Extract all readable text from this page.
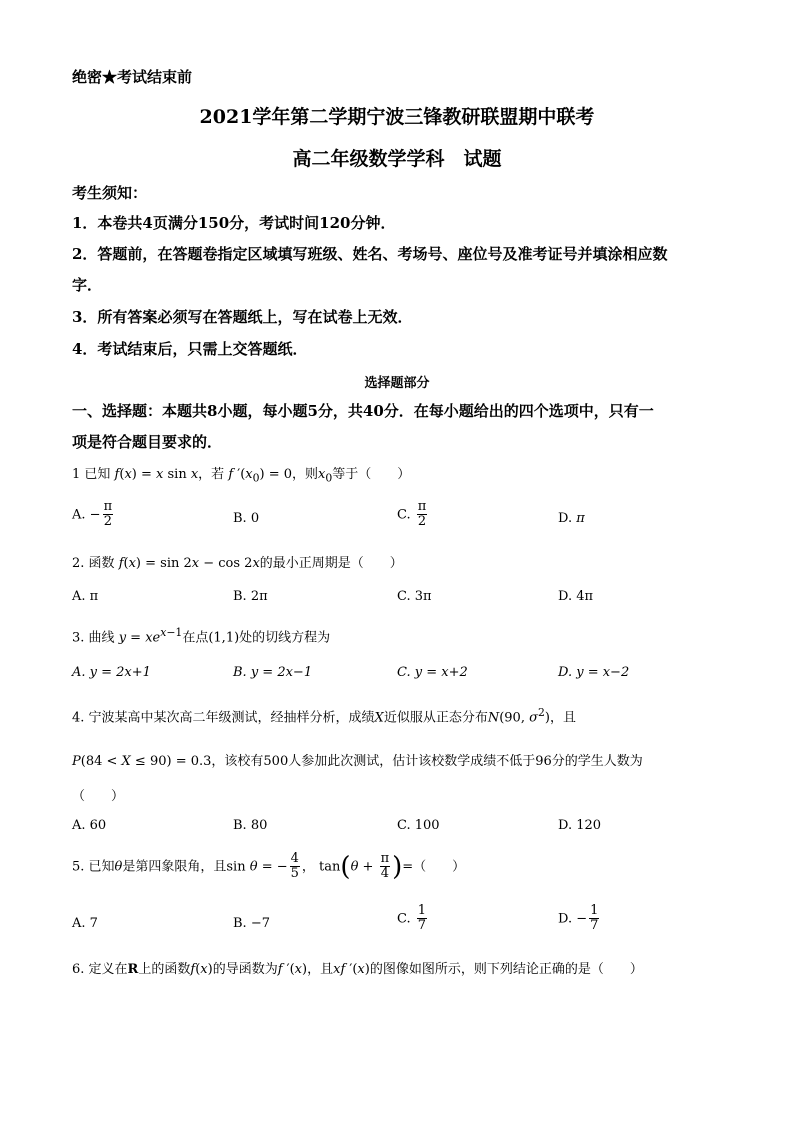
绝密★考试结束前
2021学年第二学期宁波三锋教研联盟期中联考
高二年级数学学科　试题
考生须知：
1．本卷共4页满分150分，考试时间120分钟．
2．答题前，在答题卷指定区域填写班级、姓名、考场号、座位号及准考证号并填涂相应数
字．
3．所有答案必须写在答题纸上，写在试卷上无效．
4．考试结束后，只需上交答题纸．
选择题部分
一、选择题：本题共8小题，每小题5分，共40分．在每小题给出的四个选项中，只有一
项是符合题目要求的．
1 已知 f(x) = x sin x，若 f $'(x_0) = 0$，则$x_0$等于（　　）
A. − $\frac{\pi}{2}$	B. 0	C. $\frac{\pi}{2}$	D. π
2. 函数 f(x) = sin 2x − cos 2x的最小正周期是（　　）
A. π	B. 2π	C. 3π	D. 4π
3. 曲线 $y = xe^{x-1}$在点(1,1)处的切线方程为
A. y = 2x+1	B. y = 2x−1	C. y = x+2	D. y = x−2
4. 宁波某高中某次高二年级测试，经抽样分析，成绩X近似服从正态分布N(90, $\sigma^2$)，且
P(84 < X ≤ 90) = 0.3，该校有500人参加此次测试，估计该校数学成绩不低于96分的学生人数为
（　　）
A. 60	B. 80	C. 100	D. 120
5. 已知θ是第四象限角，且sin θ = − $\frac{4}{5}$ ， $\tan(\theta + \frac{\pi}{4}$ )=（　　）
A. 7	B. −7	C. $\frac{1}{7}$	D. − $\frac{1}{7}$
6. 定义在R上的函数f(x)的导函数为f ′(x)，且xf ′(x)的图像如图所示，则下列结论正确的是（　　）
